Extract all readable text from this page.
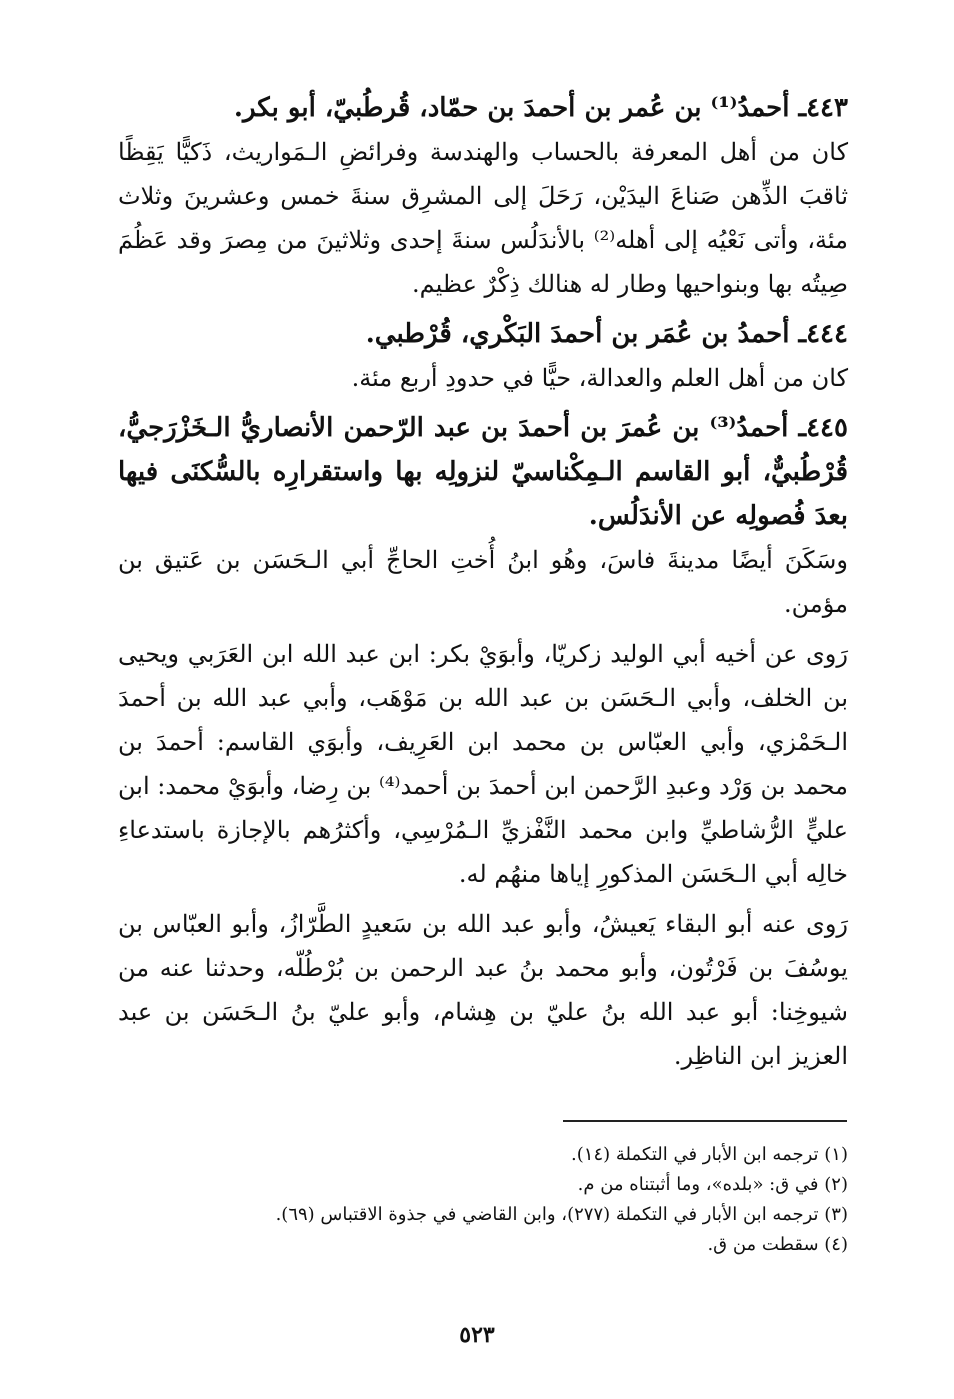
٤٤٣ـ أحمدُ⁽¹⁾ بن عُمر بن أحمدَ بن حمّاد، قُرطُبيّ، أبو بكر.

كان من أهل المعرفة بالحساب والهندسة وفرائضِ الـمَواريث، ذَكيًّا يَقِظًا ثاقبَ الذِّهن صَناعَ اليدَيْن، رَحَلَ إلى المشرِق سنةَ خمس وعشرينَ وثلاث مئة، وأتى نَعْيُه إلى أهله⁽²⁾ بالأندَلُس سنةَ إحدى وثلاثينَ من مِصرَ وقد عَظُمَ صِيتُه بها وبنواحيها وطار له هنالك ذِكْرٌ عظيم.

٤٤٤ـ أحمدُ بن عُمَر بن أحمدَ البَكْري، قُرْطبي.

كان من أهل العلم والعدالة، حيًّا في حدودِ أربع مئة.

٤٤٥ـ أحمدُ⁽³⁾ بن عُمرَ بن أحمدَ بن عبد الرّحمن الأنصاريُّ الـخَزْرَجيُّ، قُرْطُبيٌّ، أبو القاسم الـمِكْناسيّ لنزولِه بها واستقرارِه بالسُّكنَى فيها بعدَ فُصولِه عن الأندَلُس.

وسَكَنَ أيضًا مدينةَ فاسَ، وهُو ابنُ أُختِ الحاجِّ أبي الـحَسَن بن عَتيق بن مؤمن.

رَوى عن أخيه أبي الوليد زكريّا، وأبوَيْ بكر: ابن عبد الله ابن العَرَبي ويحيى بن الخلف، وأبي الـحَسَن بن عبد الله بن مَوْهَب، وأبي عبد الله بن أحمدَ الـحَمْزي، وأبي العبّاس بن محمد ابن العَرِيف، وأبوَي القاسم: أحمدَ بن محمد بن وَرْد وعبدِ الرَّحمن ابن أحمدَ بن أحمد⁽⁴⁾ بن رِضا، وأبوَيْ محمد: ابن عليٍّ الرُّشاطيِّ وابن محمد النَّفْزيِّ الـمُرْسِي، وأكثرُهم بالإجازة باستدعاءِ خالِه أبي الـحَسَن المذكورِ إياها منهُم له.

رَوى عنه أبو البقاء يَعيشُ، وأبو عبد الله بن سَعيدٍ الطَّرّازُ، وأبو العبّاس بن يوسُفَ بن فَرْتُون، وأبو محمد بنُ عبد الرحمن بن بُرْطُلّه، وحدثنا عنه من شيوخِنا: أبو عبد الله بنُ عليّ بن هِشام، وأبو عليّ بنُ الـحَسَن بن عبد العزيز ابن الناظِر.

(١) ترجمه ابن الأبار في التكملة (١٤).

(٢) في ق: «بلده»، وما أثبتناه من م.

(٣) ترجمه ابن الأبار في التكملة (٢٧٧)، وابن القاضي في جذوة الاقتباس (٦٩).

(٤) سقطت من ق.

٥٢٣
